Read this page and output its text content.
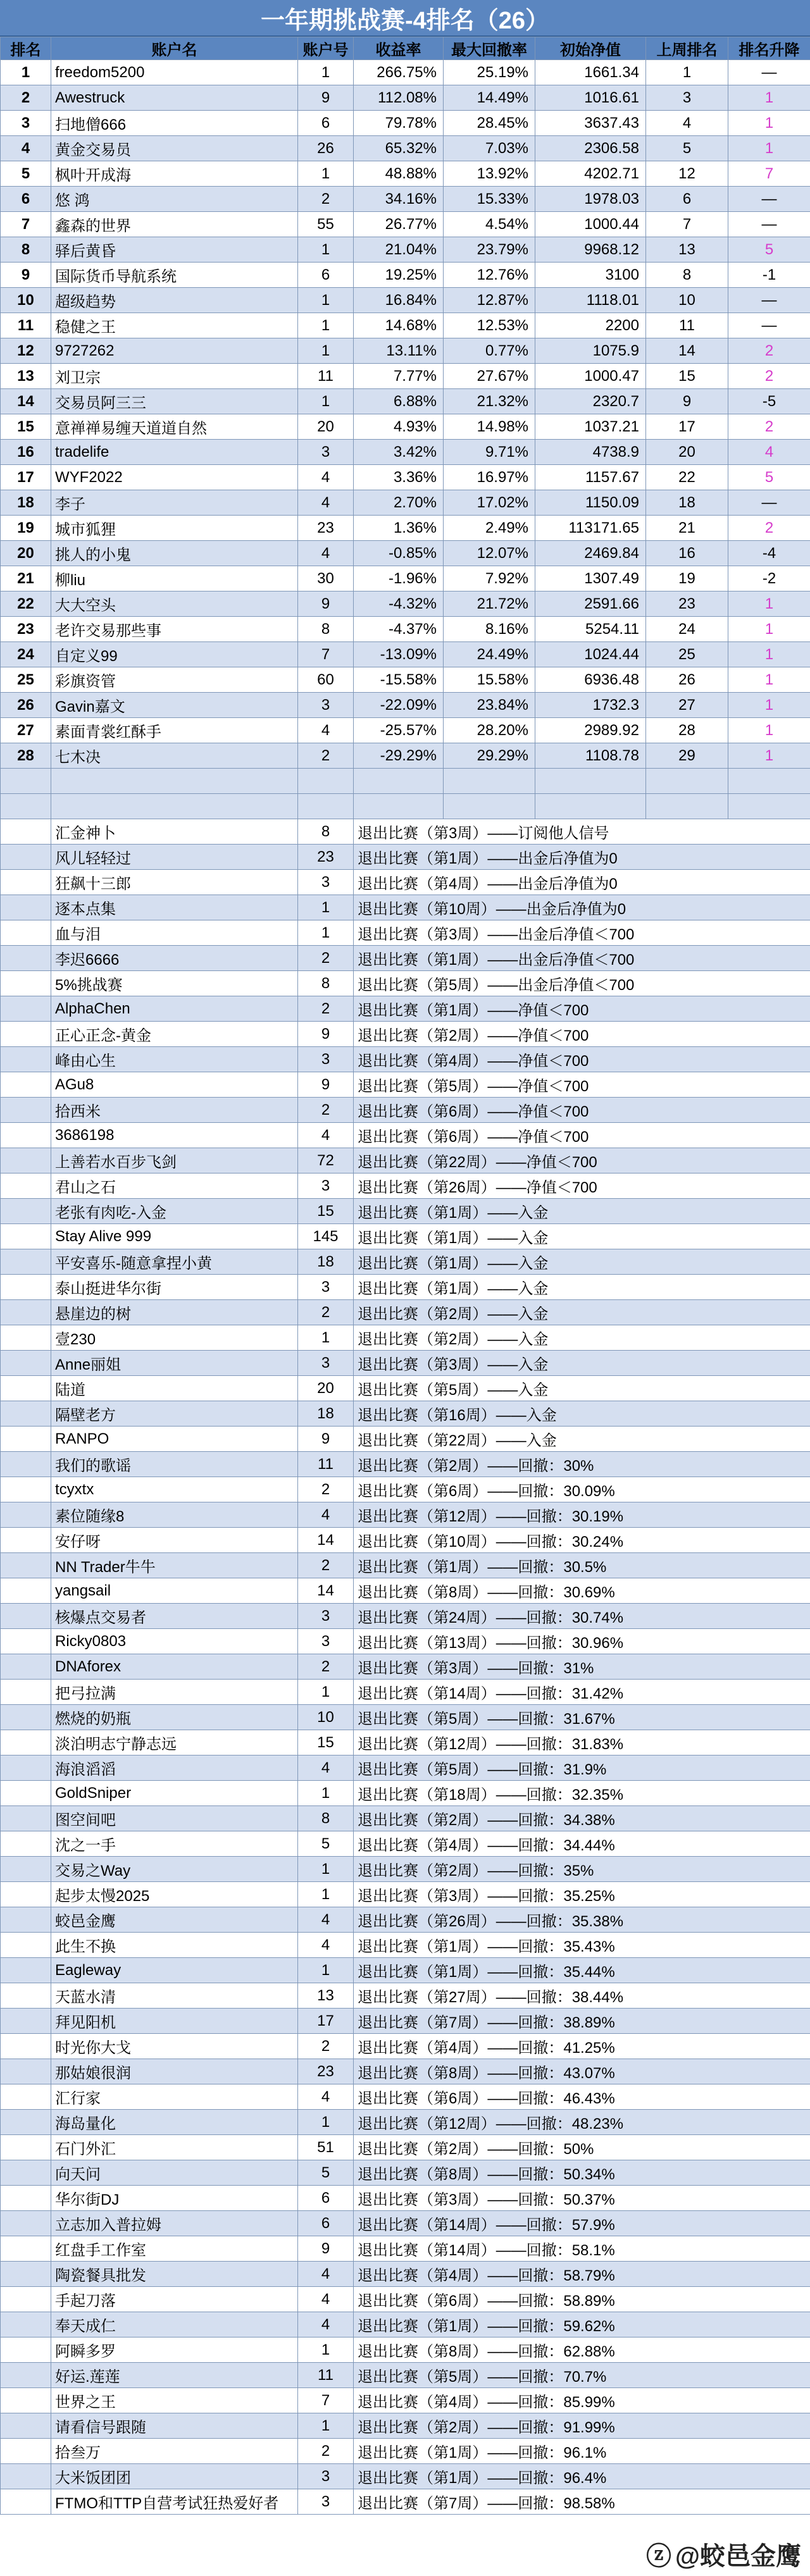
一年期挑战赛-4排名（26）
排名	账户名	账户号	收益率	最大回撤率	初始净值	上周排名	排名升降
1	freedom5200	1	266.75%	25.19%	1661.34	1	—
2	Awestruck	9	112.08%	14.49%	1016.61	3	1
3	扫地僧666	6	79.78%	28.45%	3637.43	4	1
4	黄金交易员	26	65.32%	7.03%	2306.58	5	1
5	枫叶开成海	1	48.88%	13.92%	4202.71	12	7
6	悠 鸿	2	34.16%	15.33%	1978.03	6	—
7	鑫森的世界	55	26.77%	4.54%	1000.44	7	—
8	驿后黄昏	1	21.04%	23.79%	9968.12	13	5
9	国际货币导航系统	6	19.25%	12.76%	3100	8	-1
10	超级趋势	1	16.84%	12.87%	1118.01	10	—
11	稳健之王	1	14.68%	12.53%	2200	11	—
12	9727262	1	13.11%	0.77%	1075.9	14	2
13	刘卫宗	11	7.77%	27.67%	1000.47	15	2
14	交易员阿三三	1	6.88%	21.32%	2320.7	9	-5
15	意禅禅易缠天道道自然	20	4.93%	14.98%	1037.21	17	2
16	tradelife	3	3.42%	9.71%	4738.9	20	4
17	WYF2022	4	3.36%	16.97%	1157.67	22	5
18	李子	4	2.70%	17.02%	1150.09	18	—
19	城市狐狸	23	1.36%	2.49%	113171.65	21	2
20	挑人的小鬼	4	-0.85%	12.07%	2469.84	16	-4
21	柳liu	30	-1.96%	7.92%	1307.49	19	-2
22	大大空头	9	-4.32%	21.72%	2591.66	23	1
23	老许交易那些事	8	-4.37%	8.16%	5254.11	24	1
24	自定义99	7	-13.09%	24.49%	1024.44	25	1
25	彩旗资管	60	-15.58%	15.58%	6936.48	26	1
26	Gavin嘉文	3	-22.09%	23.84%	1732.3	27	1
27	素面青裳红酥手	4	-25.57%	28.20%	2989.92	28	1
28	七木决	2	-29.29%	29.29%	1108.78	29	1

	汇金神卜	8	退出比赛（第3周）——订阅他人信号				
	风儿轻轻过	23	退出比赛（第1周）——出金后净值为0				
	狂飙十三郎	3	退出比赛（第4周）——出金后净值为0				
	逐本点集	1	退出比赛（第10周）——出金后净值为0				
	血与泪	1	退出比赛（第3周）——出金后净值＜700				
	李迟6666	2	退出比赛（第1周）——出金后净值＜700				
	5%挑战赛	8	退出比赛（第5周）——出金后净值＜700				
	AlphaChen	2	退出比赛（第1周）——净值＜700				
	正心正念-黄金	9	退出比赛（第2周）——净值＜700				
	峰由心生	3	退出比赛（第4周）——净值＜700				
	AGu8	9	退出比赛（第5周）——净值＜700				
	拾西米	2	退出比赛（第6周）——净值＜700				
	3686198	4	退出比赛（第6周）——净值＜700				
	上善若水百步飞剑	72	退出比赛（第22周）——净值＜700				
	君山之石	3	退出比赛（第26周）——净值＜700				
	老张有肉吃-入金	15	退出比赛（第1周）——入金				
	Stay Alive 999	145	退出比赛（第1周）——入金				
	平安喜乐-随意拿捏小黄	18	退出比赛（第1周）——入金				
	泰山挺进华尔街	3	退出比赛（第1周）——入金				
	悬崖边的树	2	退出比赛（第2周）——入金				
	壹230	1	退出比赛（第2周）——入金				
	Anne丽姐	3	退出比赛（第3周）——入金				
	陆道	20	退出比赛（第5周）——入金				
	隔壁老方	18	退出比赛（第16周）——入金				
	RANPO	9	退出比赛（第22周）——入金				
	我们的歌谣	11	退出比赛（第2周）——回撤：30%				
	tcyxtx	2	退出比赛（第6周）——回撤：30.09%				
	素位随缘8	4	退出比赛（第12周）——回撤：30.19%				
	安仔呀	14	退出比赛（第10周）——回撤：30.24%				
	NN Trader牛牛	2	退出比赛（第1周）——回撤：30.5%				
	yangsail	14	退出比赛（第8周）——回撤：30.69%				
	核爆点交易者	3	退出比赛（第24周）——回撤：30.74%				
	Ricky0803	3	退出比赛（第13周）——回撤：30.96%				
	DNAforex	2	退出比赛（第3周）——回撤：31%				
	把弓拉满	1	退出比赛（第14周）——回撤：31.42%				
	燃烧的奶瓶	10	退出比赛（第5周）——回撤：31.67%				
	淡泊明志宁静志远	15	退出比赛（第12周）——回撤：31.83%				
	海浪滔滔	4	退出比赛（第5周）——回撤：31.9%				
	GoldSniper	1	退出比赛（第18周）——回撤：32.35%				
	图空间吧	8	退出比赛（第2周）——回撤：34.38%				
	沈之一手	5	退出比赛（第4周）——回撤：34.44%				
	交易之Way	1	退出比赛（第2周）——回撤：35%				
	起步太慢2025	1	退出比赛（第3周）——回撤：35.25%				
	蛟邑金鹰	4	退出比赛（第26周）——回撤：35.38%				
	此生不换	4	退出比赛（第1周）——回撤：35.43%				
	Eagleway	1	退出比赛（第1周）——回撤：35.44%				
	天蓝水清	13	退出比赛（第27周）——回撤：38.44%				
	拜见阳机	17	退出比赛（第7周）——回撤：38.89%				
	时光你大戈	2	退出比赛（第4周）——回撤：41.25%				
	那姑娘很润	23	退出比赛（第8周）——回撤：43.07%				
	汇行家	4	退出比赛（第6周）——回撤：46.43%				
	海岛量化	1	退出比赛（第12周）——回撤：48.23%				
	石门外汇	51	退出比赛（第2周）——回撤：50%				
	向天问	5	退出比赛（第8周）——回撤：50.34%				
	华尔街DJ	6	退出比赛（第3周）——回撤：50.37%				
	立志加入普拉姆	6	退出比赛（第14周）——回撤：57.9%				
	红盘手工作室	9	退出比赛（第14周）——回撤：58.1%				
	陶瓷餐具批发	4	退出比赛（第4周）——回撤：58.79%				
	手起刀落	4	退出比赛（第6周）——回撤：58.89%				
	奉天成仁	4	退出比赛（第1周）——回撤：59.62%				
	阿瞬多罗	1	退出比赛（第8周）——回撤：62.88%				
	好运.莲莲	11	退出比赛（第5周）——回撤：70.7%				
	世界之王	7	退出比赛（第4周）——回撤：85.99%				
	请看信号跟随	1	退出比赛（第2周）——回撤：91.99%				
	拾叁万	2	退出比赛（第1周）——回撤：96.1%				
	大米饭团团	3	退出比赛（第1周）——回撤：96.4%				
	FTMO和TTP自营考试狂热爱好者	3	退出比赛（第7周）——回撤：98.58%				
ⓩ @蛟邑金鹰
